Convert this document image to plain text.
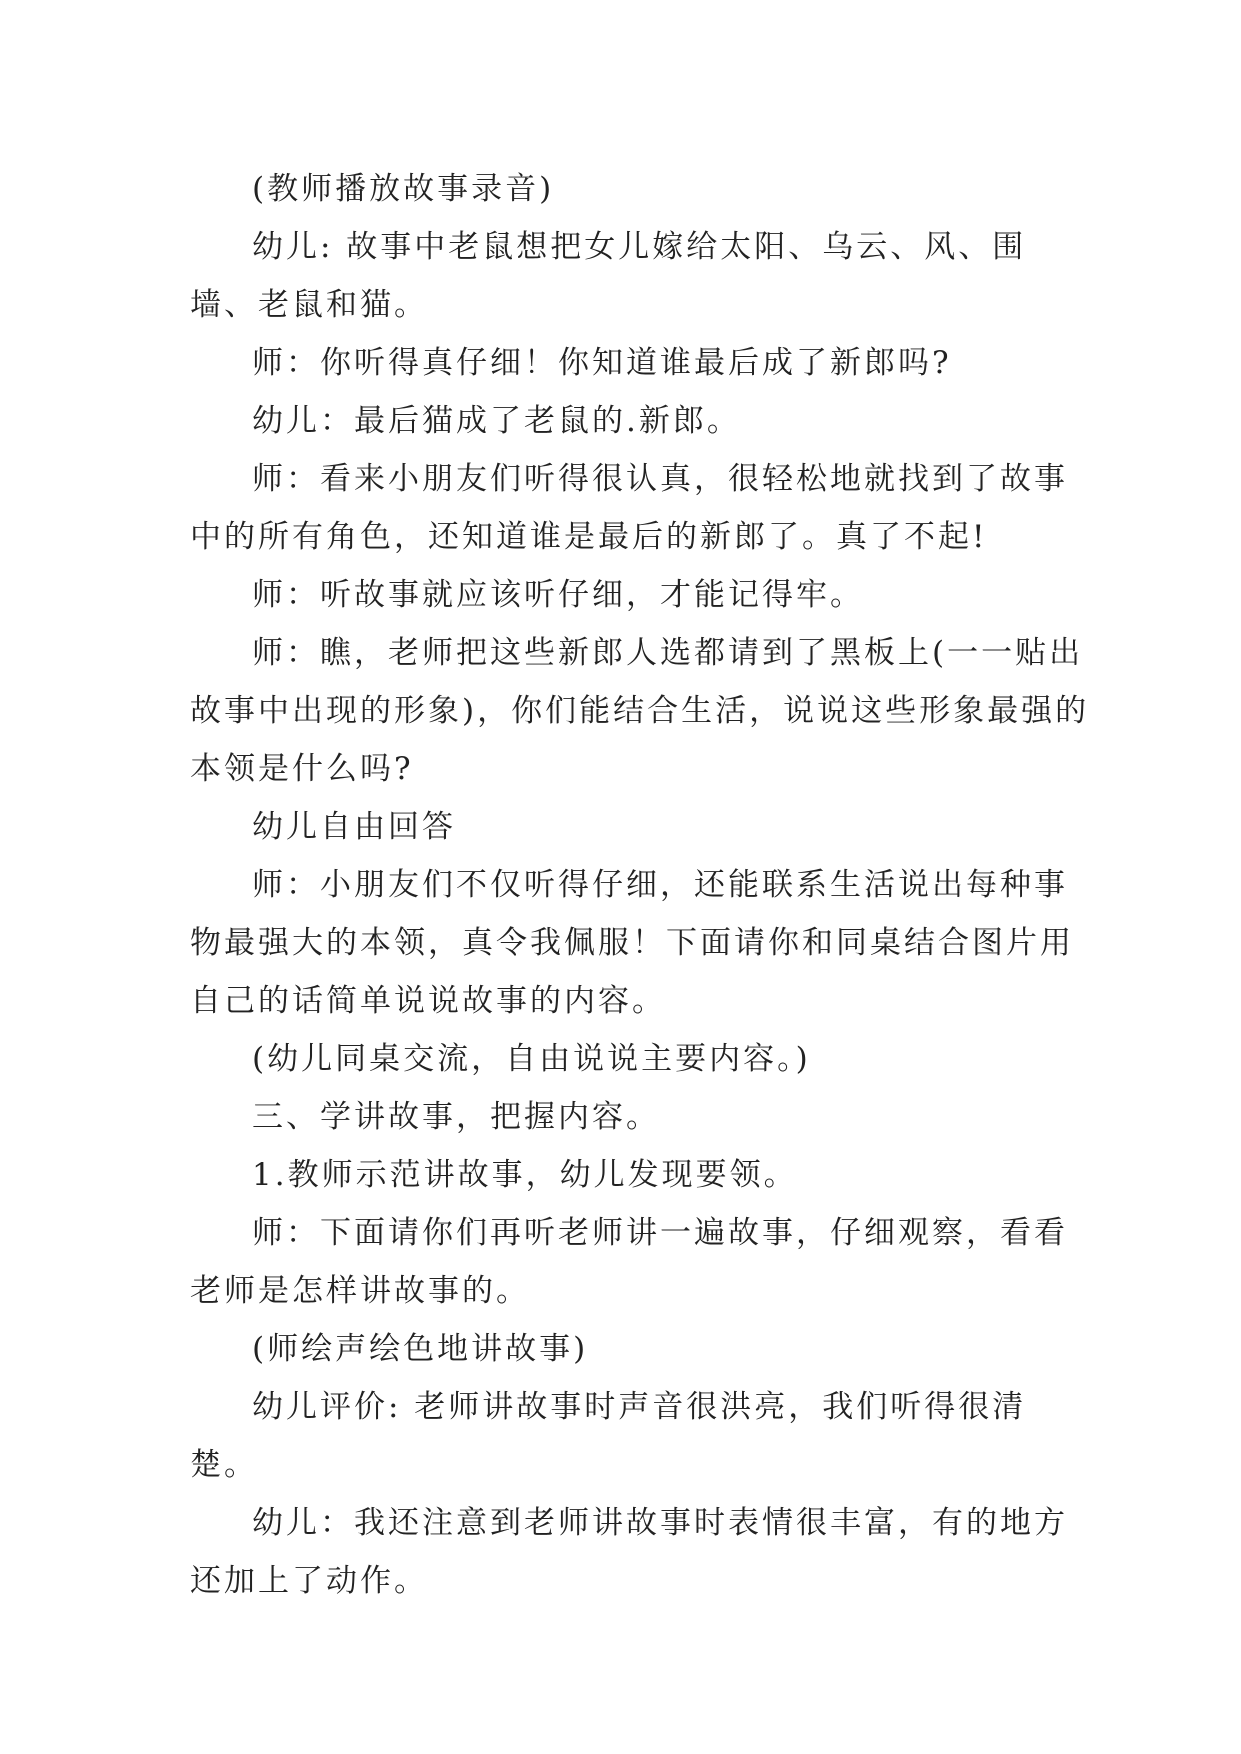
(教师播放故事录音)

幼儿: 故事中老鼠想把女儿嫁给太阳、乌云、风、围墙、老鼠和猫。

师：你听得真仔细！你知道谁最后成了新郎吗?

幼儿：最后猫成了老鼠的.新郎。

师：看来小朋友们听得很认真，很轻松地就找到了故事中的所有角色，还知道谁是最后的新郎了。真了不起!

师：听故事就应该听仔细，才能记得牢。

师：瞧，老师把这些新郎人选都请到了黑板上(一一贴出故事中出现的形象)，你们能结合生活，说说这些形象最强的本领是什么吗?

幼儿自由回答

师：小朋友们不仅听得仔细，还能联系生活说出每种事物最强大的本领，真令我佩服！下面请你和同桌结合图片用自己的话简单说说故事的内容。

(幼儿同桌交流，自由说说主要内容。)

三、学讲故事，把握内容。

1.教师示范讲故事，幼儿发现要领。

师：下面请你们再听老师讲一遍故事，仔细观察，看看老师是怎样讲故事的。

(师绘声绘色地讲故事)

幼儿评价: 老师讲故事时声音很洪亮，我们听得很清楚。

幼儿：我还注意到老师讲故事时表情很丰富，有的地方还加上了动作。
